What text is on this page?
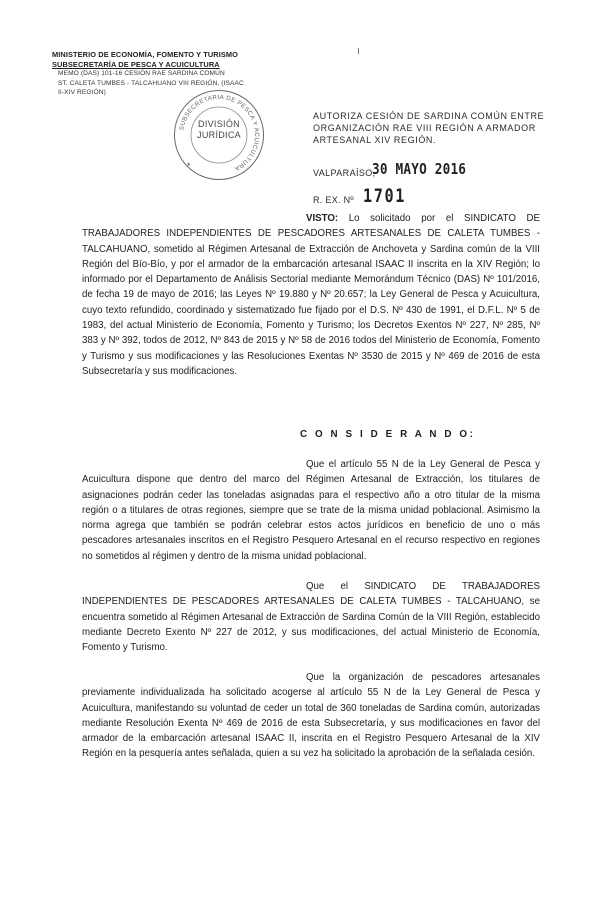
MINISTERIO DE ECONOMÍA, FOMENTO Y TURISMO
SUBSECRETARÍA DE PESCA Y ACUICULTURA
MEMO (DAS) 101-16 CESIÓN RAE SARDINA COMÚN
ST. CALETA TUMBES - TALCAHUANO VIII REGIÓN, (ISAAC
II-XIV REGIÓN)
SUBSECRETARIA DE PESCA Y ACUICULTURA
DIVISIÓN
JURÍDICA
*
AUTORIZA CESIÓN DE SARDINA COMÚN ENTRE ORGANIZACIÓN RAE VIII REGIÓN A ARMADOR ARTESANAL XIV REGIÓN.
VALPARAÍSO,
30 MAYO 2016
R. EX. Nº 1701
VISTO: Lo solicitado por el SINDICATO DE TRABAJADORES INDEPENDIENTES DE PESCADORES ARTESANALES DE CALETA TUMBES - TALCAHUANO, sometido al Régimen Artesanal de Extracción de Anchoveta y Sardina común de la VIII Región del Bío-Bío, y por el armador de la embarcación artesanal ISAAC II inscrita en la XIV Región; lo informado por el Departamento de Análisis Sectorial mediante Memorándum Técnico (DAS) Nº 101/2016, de fecha 19 de mayo de 2016; las Leyes Nº 19.880 y Nº 20.657; la Ley General de Pesca y Acuicultura, cuyo texto refundido, coordinado y sistematizado fue fijado por el D.S. Nº 430 de 1991, el D.F.L. Nº 5 de 1983, del actual Ministerio de Economía, Fomento y Turismo; los Decretos Exentos Nº 227, Nº 285, Nº 383 y Nº 392, todos de 2012, Nº 843 de 2015 y Nº 58 de 2016 todos del Ministerio de Economía, Fomento y Turismo y sus modificaciones y las Resoluciones Exentas Nº 3530 de 2015 y Nº 469 de 2016 de esta Subsecretaría y sus modificaciones.
C O N S I D E R A N D O:
Que el artículo 55 N de la Ley General de Pesca y Acuicultura dispone que dentro del marco del Régimen Artesanal de Extracción, los titulares de asignaciones podrán ceder las toneladas asignadas para el respectivo año a otro titular de la misma región o a titulares de otras regiones, siempre que se trate de la misma unidad poblacional. Asimismo la norma agrega que también se podrán celebrar estos actos jurídicos en beneficio de uno o más pescadores artesanales inscritos en el Registro Pesquero Artesanal en el recurso respectivo en regiones no sometidos al régimen y dentro de la misma unidad poblacional.
Que el SINDICATO DE TRABAJADORES INDEPENDIENTES DE PESCADORES ARTESANALES DE CALETA TUMBES - TALCAHUANO, se encuentra sometido al Régimen Artesanal de Extracción de Sardina Común de la VIII Región, establecido mediante Decreto Exento Nº 227 de 2012, y sus modificaciones, del actual Ministerio de Economía, Fomento y Turismo.
Que la organización de pescadores artesanales previamente individualizada ha solicitado acogerse al artículo 55 N de la Ley General de Pesca y Acuicultura, manifestando su voluntad de ceder un total de 360 toneladas de Sardina común, autorizadas mediante Resolución Exenta Nº 469 de 2016 de esta Subsecretaría, y sus modificaciones en favor del armador de la embarcación artesanal ISAAC II, inscrita en el Registro Pesquero Artesanal de la XIV Región en la pesquería antes señalada, quien a su vez ha solicitado la aprobación de la señalada cesión.
